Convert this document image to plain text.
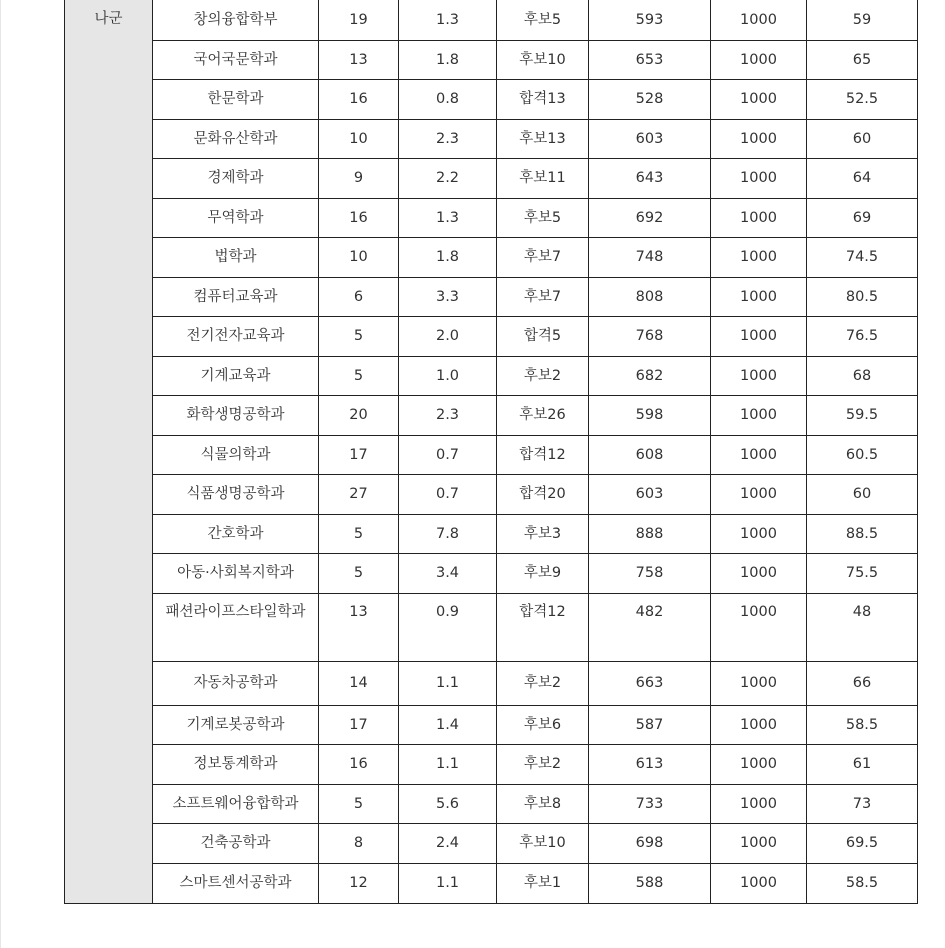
나군	창의융합학부	19	1.3	후보5	593	1000	59
	국어국문학과	13	1.8	후보10	653	1000	65
	한문학과	16	0.8	합격13	528	1000	52.5
	문화유산학과	10	2.3	후보13	603	1000	60
	경제학과	9	2.2	후보11	643	1000	64
	무역학과	16	1.3	후보5	692	1000	69
	법학과	10	1.8	후보7	748	1000	74.5
	컴퓨터교육과	6	3.3	후보7	808	1000	80.5
	전기전자교육과	5	2.0	합격5	768	1000	76.5
	기계교육과	5	1.0	후보2	682	1000	68
	화학생명공학과	20	2.3	후보26	598	1000	59.5
	식물의학과	17	0.7	합격12	608	1000	60.5
	식품생명공학과	27	0.7	합격20	603	1000	60
	간호학과	5	7.8	후보3	888	1000	88.5
	아동·사회복지학과	5	3.4	후보9	758	1000	75.5
	패션라이프스타일학과	13	0.9	합격12	482	1000	48
	자동차공학과	14	1.1	후보2	663	1000	66
	기계로봇공학과	17	1.4	후보6	587	1000	58.5
	정보통계학과	16	1.1	후보2	613	1000	61
	소프트웨어융합학과	5	5.6	후보8	733	1000	73
	건축공학과	8	2.4	후보10	698	1000	69.5
	스마트센서공학과	12	1.1	후보1	588	1000	58.5
